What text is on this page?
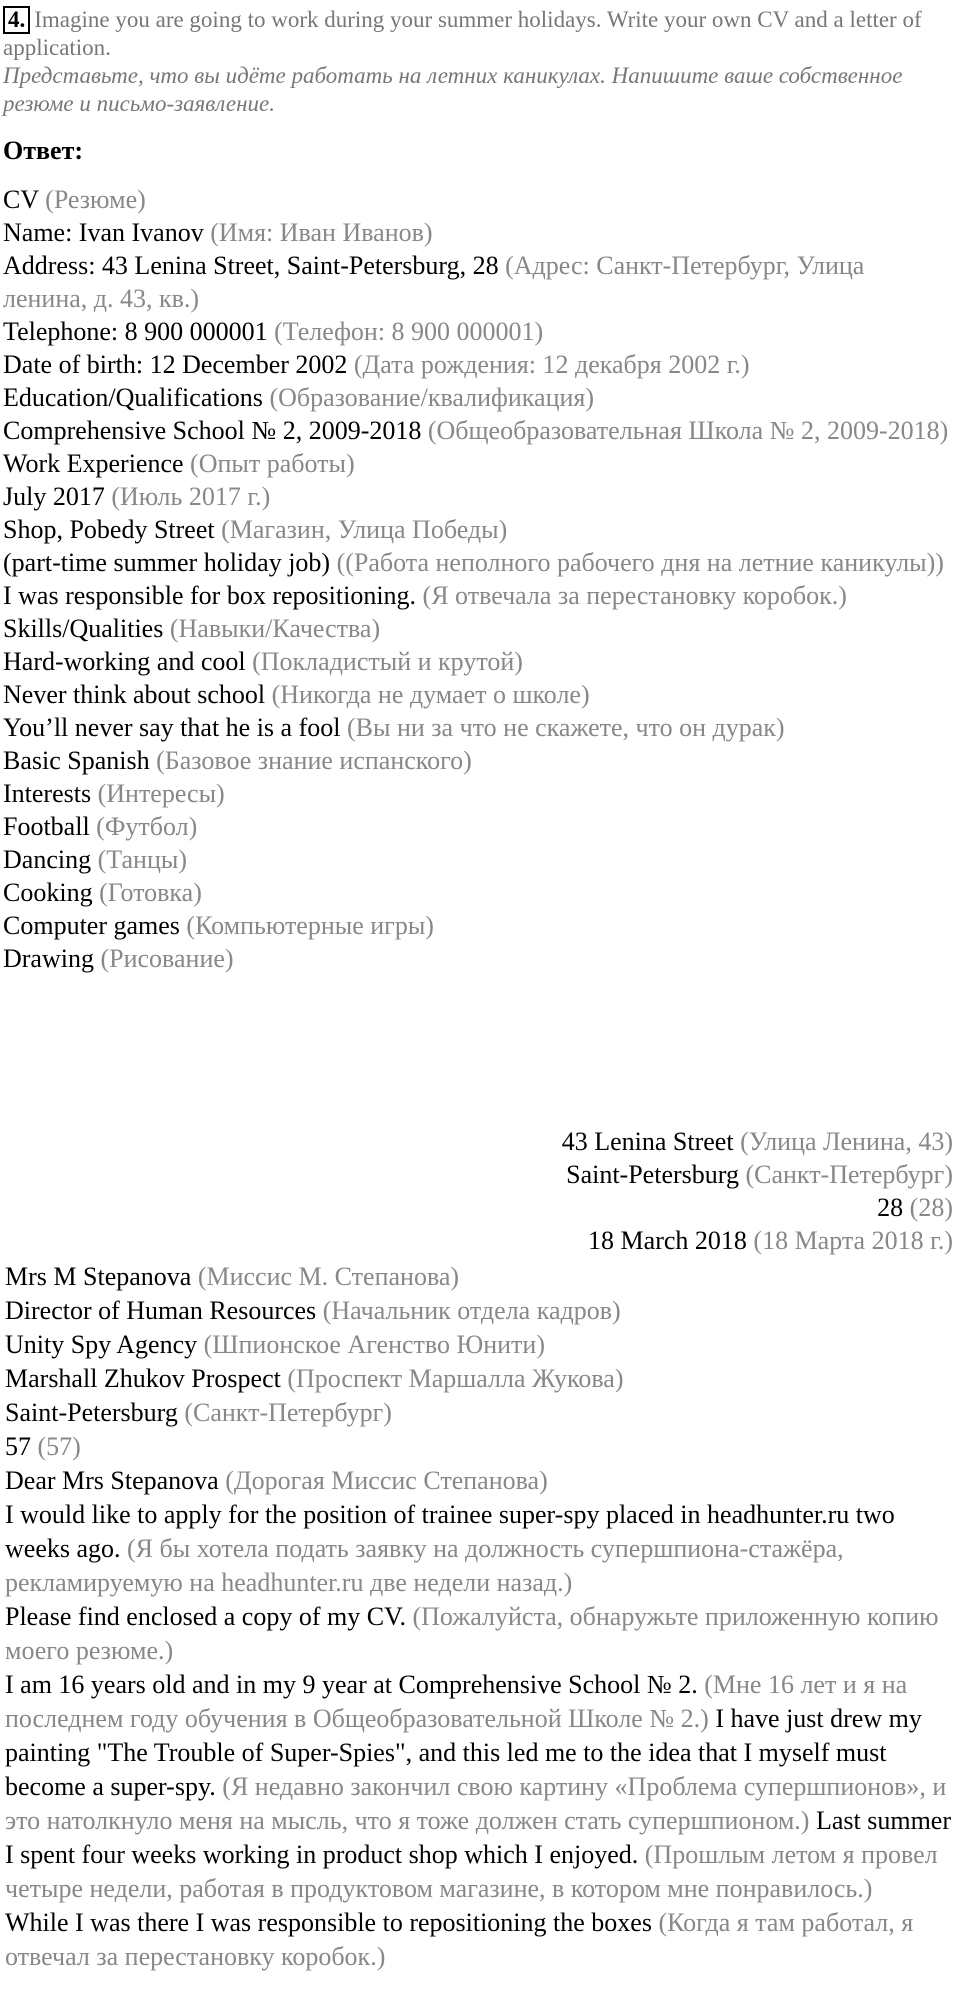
4. Imagine you are going to work during your summer holidays. Write your own CV and a letter of application.
Представьте, что вы идёте работать на летних каникулах. Напишите ваше собственное резюме и письмо-заявление.
Ответ:

CV (Резюме)

Name: Ivan Ivanov (Имя: Иван Иванов)

Address: 43 Lenina Street, Saint-Petersburg, 28 (Адрес: Санкт-Петербург, Улица ленина, д. 43, кв.)

Telephone: 8 900 000001 (Телефон: 8 900 000001)

Date of birth: 12 December 2002 (Дата рождения: 12 декабря 2002 г.)

Education/Qualifications (Образование/квалификация)

Comprehensive School № 2, 2009-2018 (Общеобразовательная Школа № 2, 2009-2018)

Work Experience (Опыт работы)

July 2017 (Июль 2017 г.)

Shop, Pobedy Street (Магазин, Улица Победы)

(part-time summer holiday job) ((Работа неполного рабочего дня на летние каникулы))

I was responsible for box repositioning. (Я отвечала за перестановку коробок.)

Skills/Qualities (Навыки/Качества)

Hard-working and cool (Покладистый и крутой)

Never think about school (Никогда не думает о школе)

You’ll never say that he is a fool (Вы ни за что не скажете, что он дурак)

Basic Spanish (Базовое знание испанского)

Interests (Интересы)

Football (Футбол)

Dancing (Танцы)

Cooking (Готовка)

Computer games (Компьютерные игры)

Drawing (Рисование)

43 Lenina Street (Улица Ленина, 43)

Saint-Petersburg (Санкт-Петербург)

28 (28)

18 March 2018 (18 Марта 2018 г.)

Mrs M Stepanova (Миссис М. Степанова)

Director of Human Resources (Начальник отдела кадров)

Unity Spy Agency (Шпионское Агенство Юнити)

Marshall Zhukov Prospect (Проспект Маршалла Жукова)

Saint-Petersburg (Санкт-Петербург)

57 (57)

Dear Mrs Stepanova (Дорогая Миссис Степанова)

I would like to apply for the position of trainee super-spy placed in headhunter.ru two weeks ago. (Я бы хотела подать заявку на должность супершпиона-стажёра, рекламируемую на headhunter.ru две недели назад.)

Please find enclosed a copy of my CV. (Пожалуйста, обнаружьте приложенную копию моего резюме.)

I am 16 years old and in my 9 year at Comprehensive School № 2. (Мне 16 лет и я на последнем году обучения в Общеобразовательной Школе № 2.) I have just drew my painting "The Trouble of Super-Spies", and this led me to the idea that I myself must become a super-spy. (Я недавно закончил свою картину «Проблема супершпионов», и это натолкнуло меня на мысль, что я тоже должен стать супершпионом.) Last summer I spent four weeks working in product shop which I enjoyed. (Прошлым летом я провел четыре недели, работая в продуктовом магазине, в котором мне понравилось.)

While I was there I was responsible to repositioning the boxes (Когда я там работал, я отвечал за перестановку коробок.)
